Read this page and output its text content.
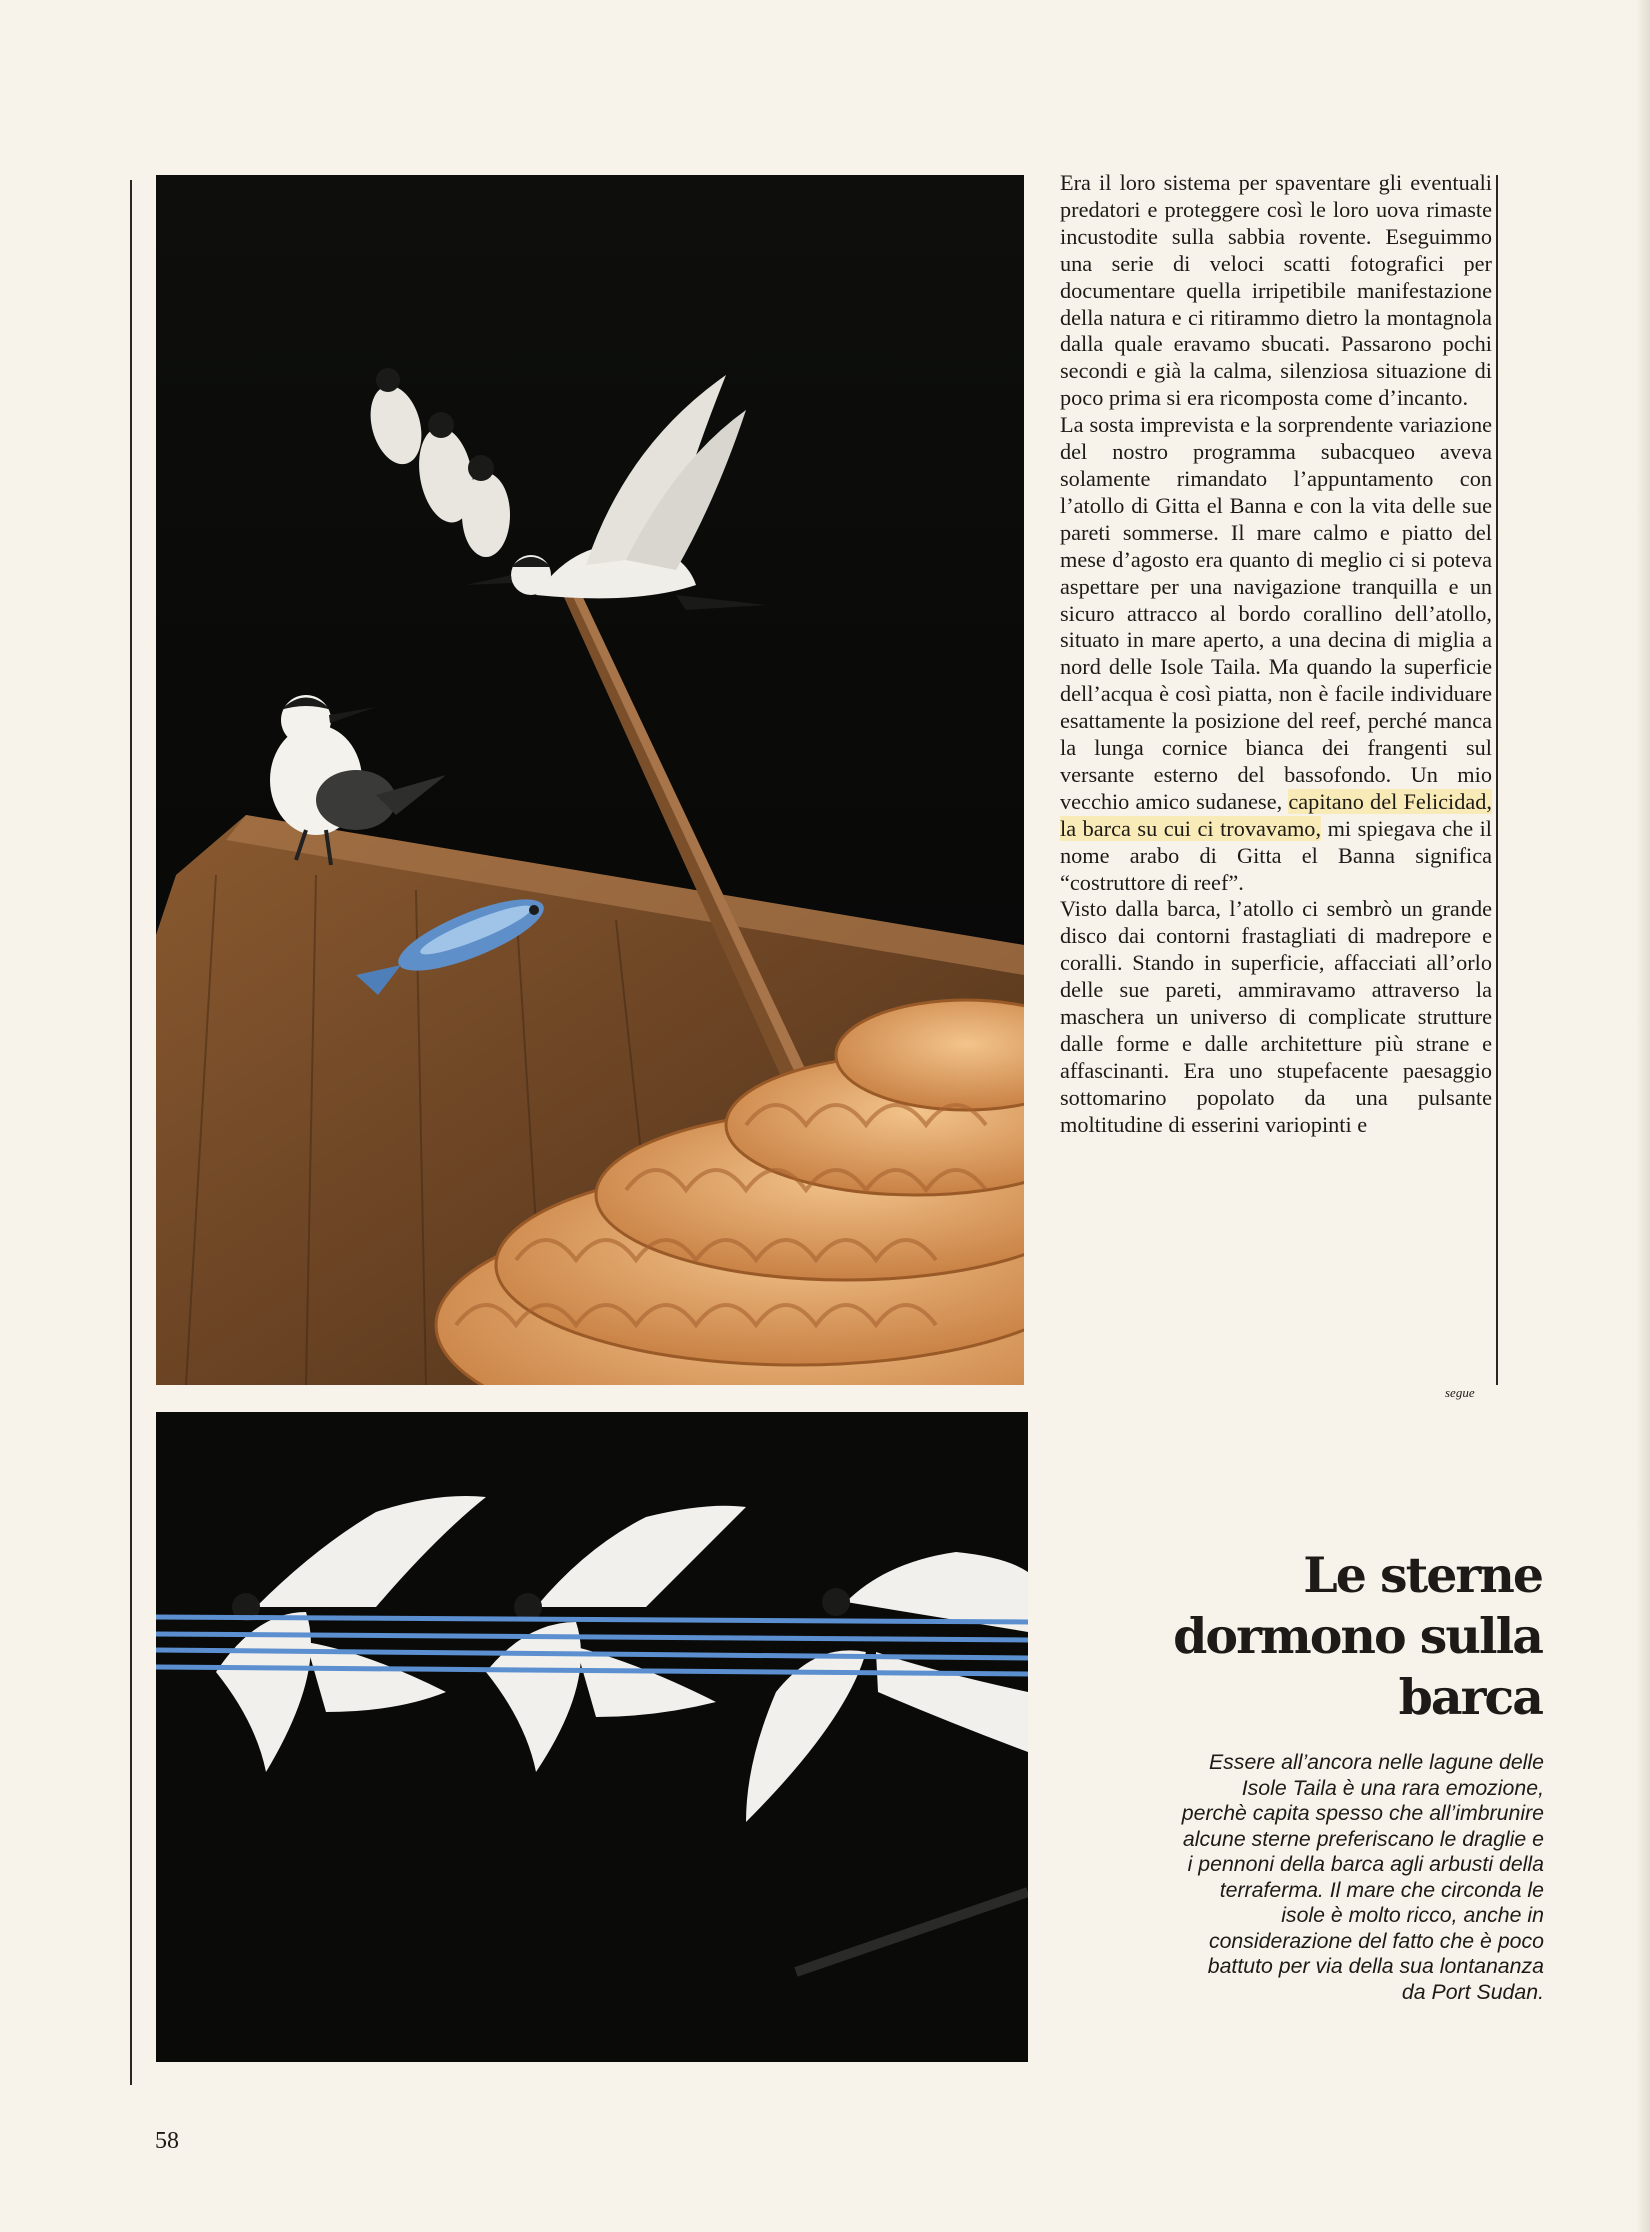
Era il loro sistema per spaventare gli eventuali predatori e proteggere così le loro uova rimaste incustodite sulla sabbia rovente. Eseguimmo una serie di veloci scatti fotografici per documentare quella irripetibile manifestazione della natura e ci ritirammo dietro la montagnola dalla quale eravamo sbucati. Passarono pochi secondi e già la calma, silenziosa situazione di poco prima si era ricomposta come d’incanto.

La sosta imprevista e la sorprendente variazione del nostro programma subacqueo aveva solamente rimandato l’appuntamento con l’atollo di Gitta el Banna e con la vita delle sue pareti sommerse. Il mare calmo e piatto del mese d’agosto era quanto di meglio ci si poteva aspettare per una navigazione tranquilla e un sicuro attracco al bordo corallino dell’atollo, situato in mare aperto, a una decina di miglia a nord delle Isole Taila. Ma quando la superficie dell’acqua è così piatta, non è facile individuare esattamente la posizione del reef, perché manca la lunga cornice bianca dei frangenti sul versante esterno del bassofondo. Un mio vecchio amico sudanese, capitano del Felicidad, la barca su cui ci trovavamo, mi spiegava che il nome arabo di Gitta el Banna significa “costruttore di reef”.

Visto dalla barca, l’atollo ci sembrò un grande disco dai contorni frastagliati di madrepore e coralli. Stando in superficie, affacciati all’orlo delle sue pareti, ammiravamo attraverso la maschera un universo di complicate strutture dalle forme e dalle architetture più strane e affascinanti. Era uno stupefacente paesaggio sottomarino popolato da una pulsante moltitudine di esserini variopinti e

segue
Le sterne dormono sulla barca

Essere all’ancora nelle lagune delle Isole Taila è una rara emozione, perchè capita spesso che all’imbrunire alcune sterne preferiscano le draglie e i pennoni della barca agli arbusti della terraferma. Il mare che circonda le isole è molto ricco, anche in considerazione del fatto che è poco battuto per via della sua lontananza da Port Sudan.

58
